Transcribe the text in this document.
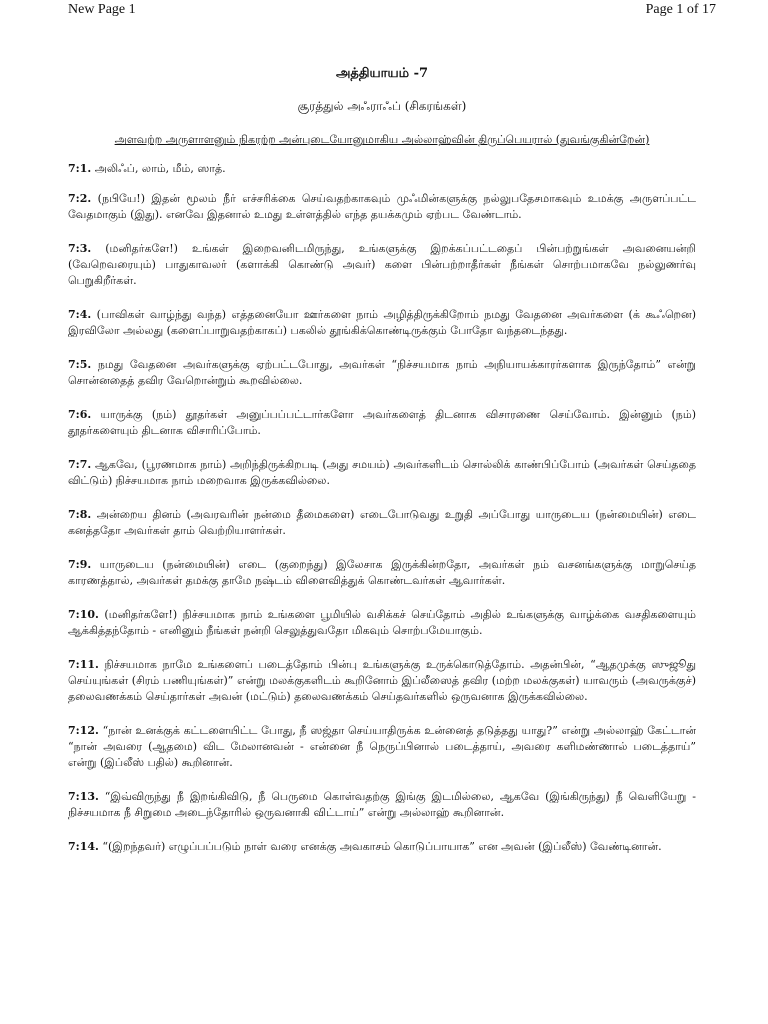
New Page 1	Page 1 of 17
அத்தியாயம் -7
சூரத்துல் அஃராஃப் (சிகரங்கள்)
அளவற்ற அருளாளனும் நிகரற்ற அன்புடையோனுமாகிய அல்லாஹ்வின் திருப்பெயரால் (துவங்குகின்றேன்)

7:1. அலிஃப், லாம், மீம், ஸாத்.

7:2. (நபியே!) இதன் மூலம் நீர் எச்சரிக்கை செய்வதற்காகவும் முஃமின்களுக்கு நல்லுபதேசமாகவும் உமக்கு அருளப்பட்ட வேதமாகும் (இது). எனவே இதனால் உமது உள்ளத்தில் எந்த தயக்கமும் ஏற்பட வேண்டாம்.

7:3. (மனிதர்களே!) உங்கள் இறைவனிடமிருந்து, உங்களுக்கு இறக்கப்பட்டதைப் பின்பற்றுங்கள் அவனையன்றி (வேறெவரையும்) பாதுகாவலர் (களாக்கி கொண்டு அவர்) களை பின்பற்றாதீர்கள் நீங்கள் சொற்பமாகவே நல்லுணர்வு பெறுகிறீர்கள்.

7:4. (பாவிகள் வாழ்ந்து வந்த) எத்தனையோ ஊர்களை நாம் அழித்திருக்கிறோம் நமது வேதனை அவர்களை (க் கூஃறென) இரவிலோ அல்லது (களைப்பாறுவதற்காகப்) பகலில் தூங்கிக்கொண்டிருக்கும் போதோ வந்தடைந்தது.

7:5. நமது வேதனை அவர்களுக்கு ஏற்பட்டபோது, அவர்கள் “நிச்சயமாக நாம் அநியாயக்காரர்களாக இருந்தோம்” என்று சொன்னதைத் தவிர வேறொன்றும் கூறவில்லை.

7:6. யாருக்கு (நம்) தூதர்கள் அனுப்பப்பட்டார்களோ அவர்களைத் திடனாக விசாரணை செய்வோம். இன்னும் (நம்) தூதர்களையும் திடனாக விசாரிப்போம்.

7:7. ஆகவே, (பூரணமாக நாம்) அறிந்திருக்கிறபடி (அது சமயம்) அவர்களிடம் சொல்லிக் காண்பிப்போம் (அவர்கள் செய்ததை விட்டும்) நிச்சயமாக நாம் மறைவாக இருக்கவில்லை.

7:8. அன்றைய தினம் (அவரவரின் நன்மை தீமைகளை) எடைபோடுவது உறுதி அப்போது யாருடைய (நன்மையின்) எடை கனத்ததோ அவர்கள் தாம் வெற்றியாளர்கள்.

7:9. யாருடைய (நன்மையின்) எடை (குறைந்து) இலேசாக இருக்கின்றதோ, அவர்கள் நம் வசனங்களுக்கு மாறுசெய்த காரணத்தால், அவர்கள் தமக்கு தாமே நஷ்டம் விளைவித்துக் கொண்டவர்கள் ஆவார்கள்.

7:10. (மனிதர்களே!) நிச்சயமாக நாம் உங்களை பூமியில் வசிக்கச் செய்தோம் அதில் உங்களுக்கு வாழ்க்கை வசதிகளையும் ஆக்கித்தந்தோம் - எனினும் நீங்கள் நன்றி செலுத்துவதோ மிகவும் சொற்பமேயாகும்.

7:11. நிச்சயமாக நாமே உங்களைப் படைத்தோம் பின்பு உங்களுக்கு உருக்கொடுத்தோம். அதன்பின், “ஆதமுக்கு ஸுஜூது செய்யுங்கள் (சிரம் பணியுங்கள்)” என்று மலக்குகளிடம் கூறினோம் இப்லீஸைத் தவிர (மற்ற மலக்குகள்) யாவரும் (அவருக்குச்) தலைவணக்கம் செய்தார்கள் அவன் (மட்டும்) தலைவணக்கம் செய்தவர்களில் ஒருவனாக இருக்கவில்லை.

7:12. “நான் உனக்குக் கட்டளையிட்ட போது, நீ ஸஜ்தா செய்யாதிருக்க உன்னைத் தடுத்தது யாது?” என்று அல்லாஹ் கேட்டான் “நான் அவரை (ஆதமை) விட மேலானவன் - என்னை நீ நெருப்பினால் படைத்தாய், அவரை களிமண்ணால் படைத்தாய்” என்று (இப்லீஸ் பதில்) கூறினான்.

7:13. “இவ்விருந்து நீ இறங்கிவிடு, நீ பெருமை கொள்வதற்கு இங்கு இடமில்லை, ஆகவே (இங்கிருந்து) நீ வெளியேறு - நிச்சயமாக நீ சிறுமை அடைந்தோரில் ஒருவனாகி விட்டாய்” என்று அல்லாஹ் கூறினான்.

7:14. “(இறந்தவர்) எழுப்பப்படும் நாள் வரை எனக்கு அவகாசம் கொடுப்பாயாக” என அவன் (இப்லீஸ்) வேண்டினான்.
